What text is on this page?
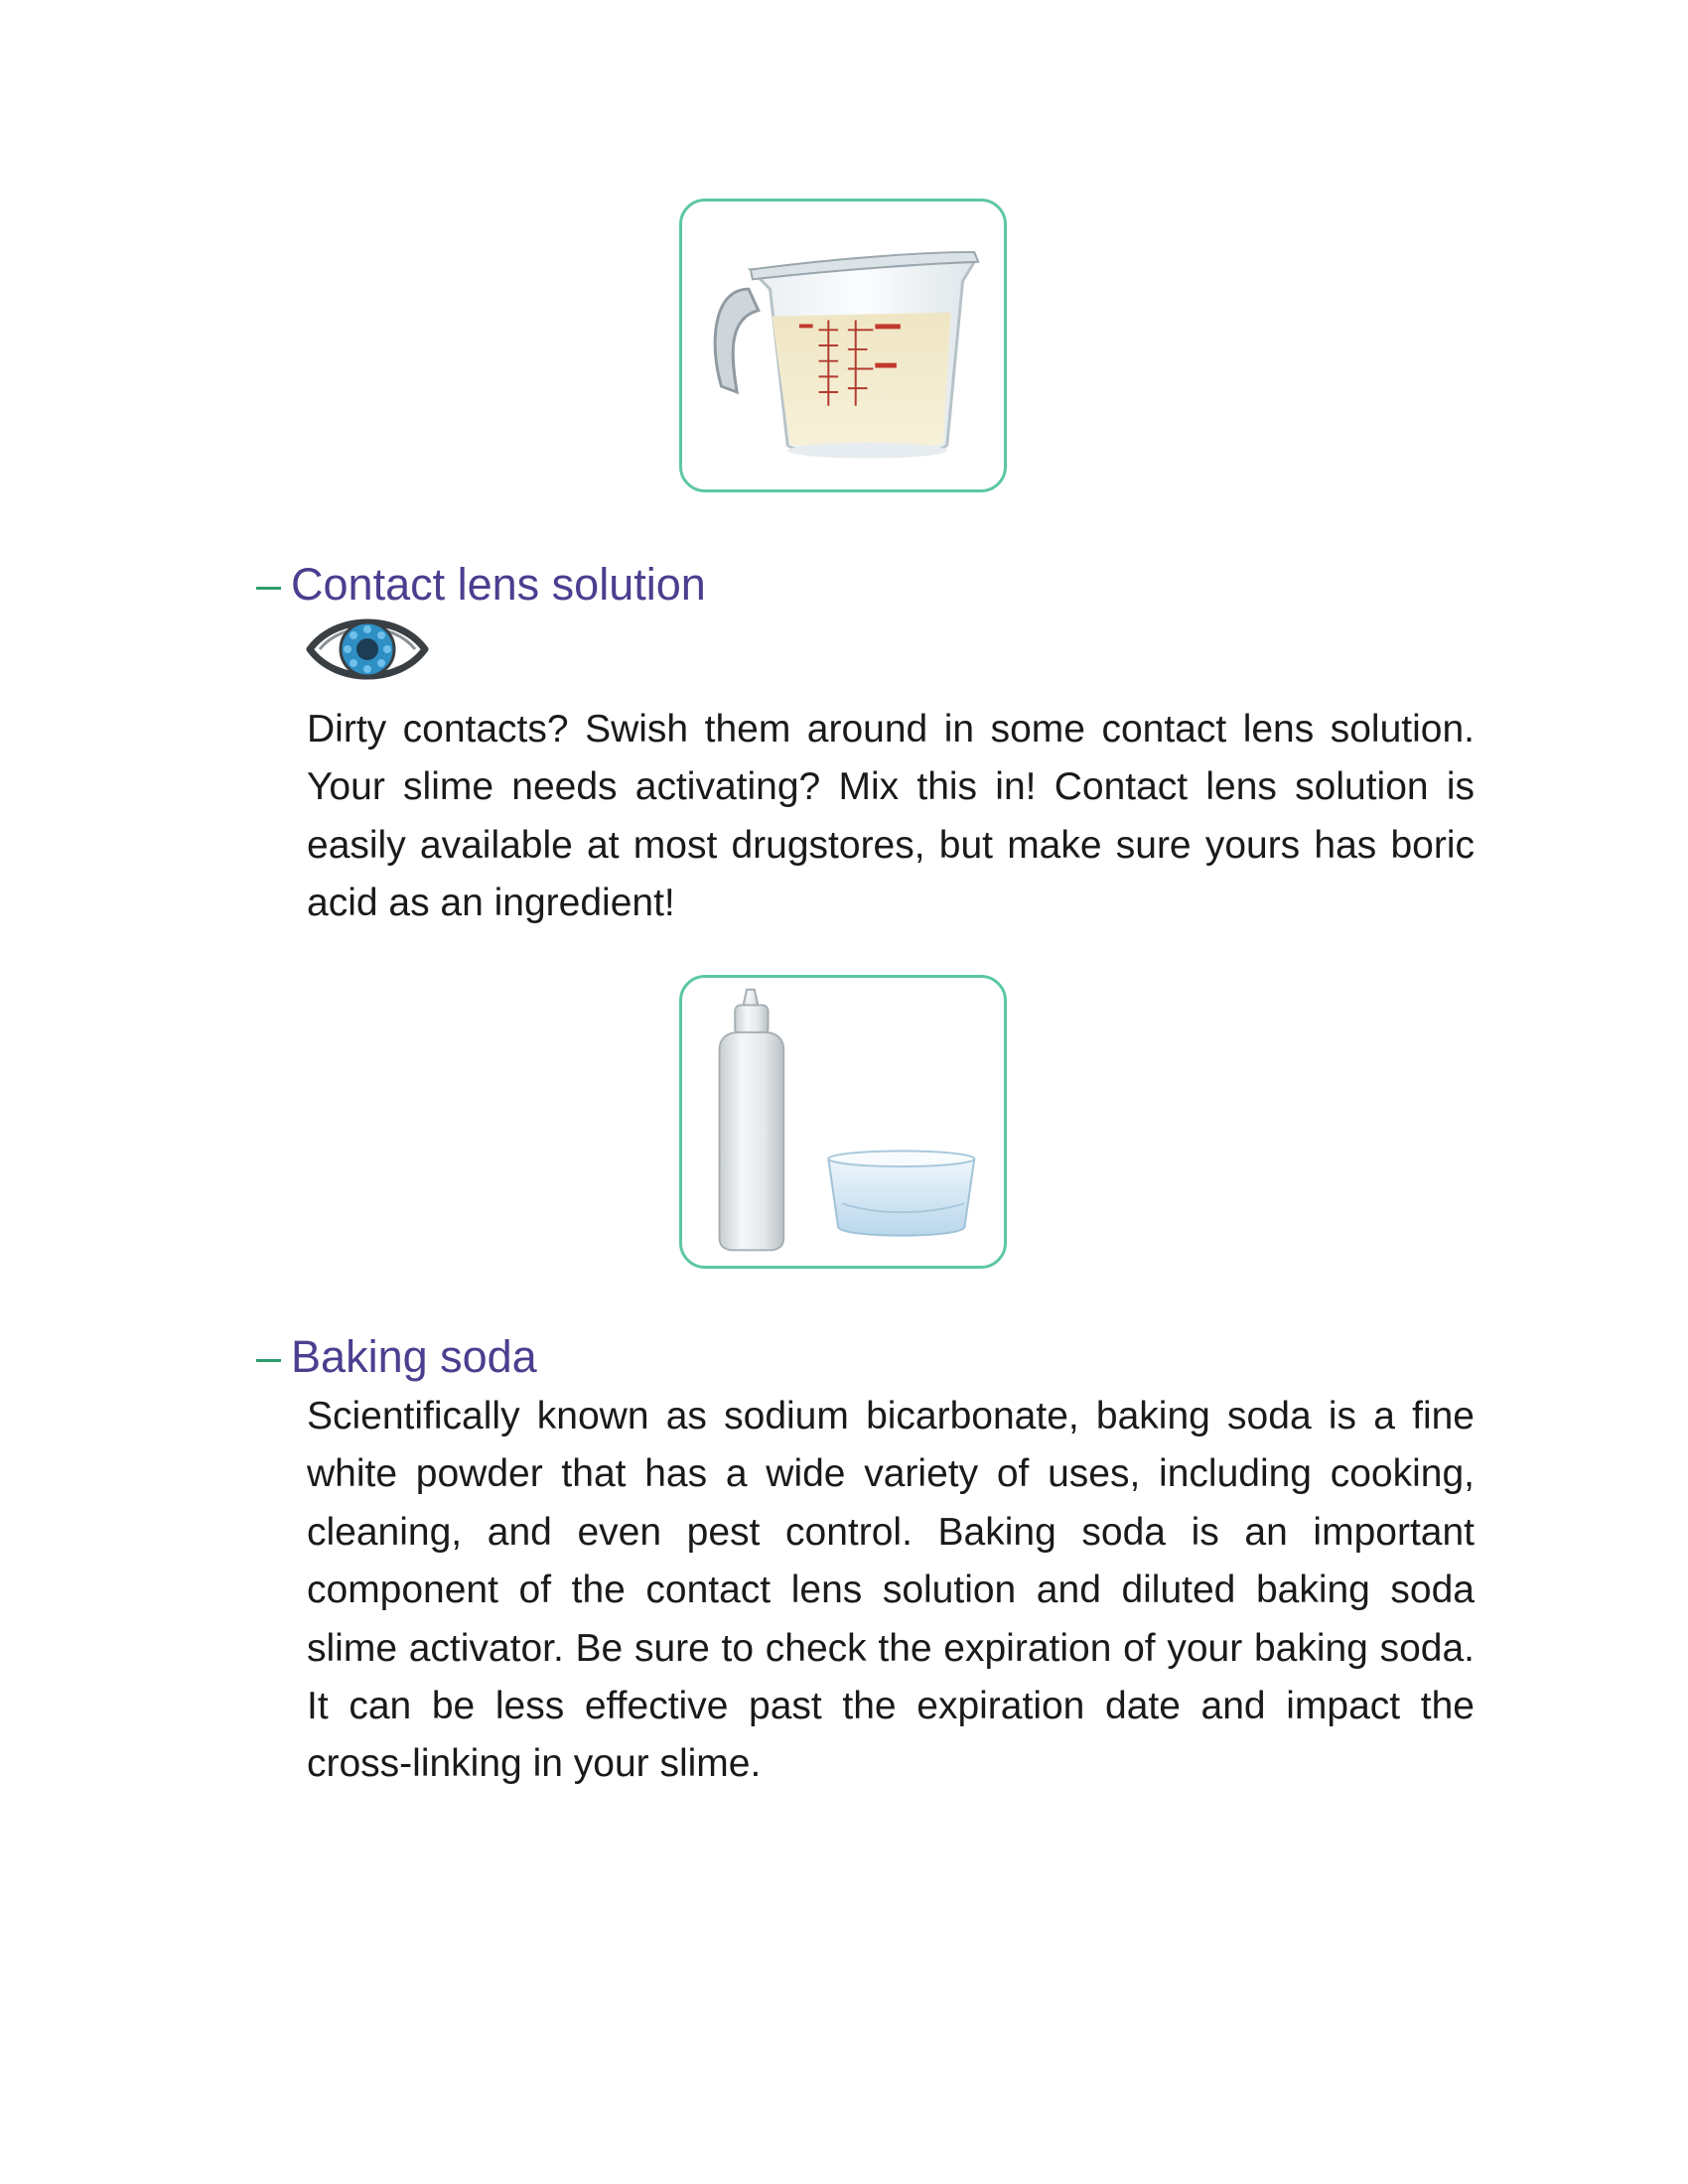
– Contact lens solution

Dirty contacts? Swish them around in some contact lens solution. Your slime needs activating? Mix this in! Contact lens solution is easily available at most drugstores, but make sure yours has boric acid as an ingredient!

– Baking soda

Scientifically known as sodium bicarbonate, baking soda is a fine white powder that has a wide variety of uses, including cooking, cleaning, and even pest control. Baking soda is an important component of the contact lens solution and diluted baking soda slime activator. Be sure to check the expiration of your baking soda. It can be less effective past the expiration date and impact the cross-linking in your slime.
